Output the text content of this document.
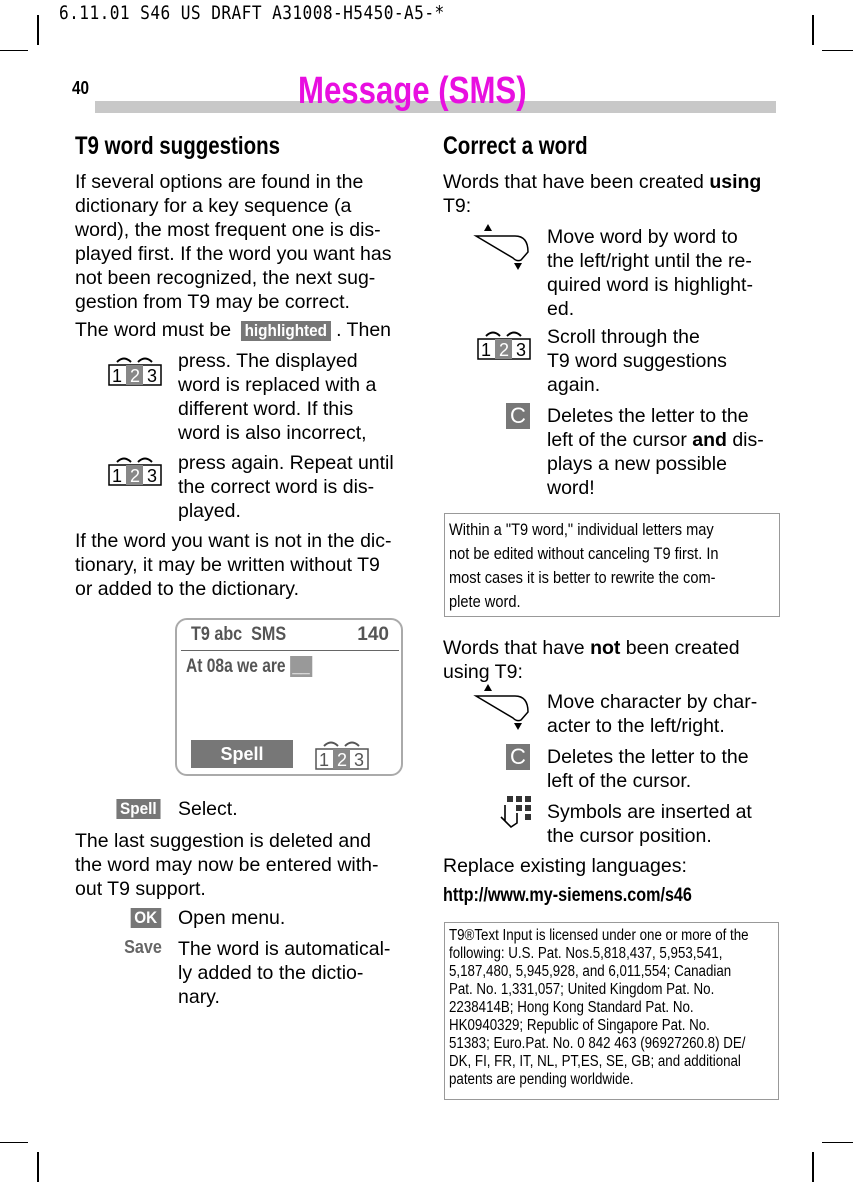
6.11.01 S46 US DRAFT A31008-H5450-A5-*
40	Message (SMS)
T9 word suggestions
If several options are found in the
dictionary for a key sequence (a
word), the most frequent one is dis-
played first. If the word you want has
not been recognized, the next sug-
gestion from T9 may be correct.
The word must be highlighted . Then
1 2 3
press. The displayed
word is replaced with a
different word. If this
word is also incorrect,
1 2 3
press again. Repeat until
the correct word is dis-
played.
If the word you want is not in the dic-
tionary, it may be written without T9
or added to the dictionary.
T9 abc  SMS	140
At 08a we are __
Spell	1 2 3
Spell Select.
The last suggestion is deleted and
the word may now be entered with-
out T9 support.
OK Open menu.
Save The word is automatical-
ly added to the dictio-
nary.
Correct a word
Words that have been created using
T9:
Move word by word to
the left/right until the re-
quired word is highlight-
ed.
1 2 3
Scroll through the
T9 word suggestions
again.
C Deletes the letter to the
left of the cursor and dis-
plays a new possible
word!
Within a "T9 word," individual letters may
not be edited without canceling T9 first. In
most cases it is better to rewrite the com-
plete word.
Words that have not been created
using T9:
Move character by char-
acter to the left/right.
C Deletes the letter to the
left of the cursor.
Symbols are inserted at
the cursor position.
Replace existing languages:
http://www.my-siemens.com/s46
T9®Text Input is licensed under one or more of the
following: U.S. Pat. Nos.5,818,437, 5,953,541,
5,187,480, 5,945,928, and 6,011,554; Canadian
Pat. No. 1,331,057; United Kingdom Pat. No.
2238414B; Hong Kong Standard Pat. No.
HK0940329; Republic of Singapore Pat. No.
51383; Euro.Pat. No. 0 842 463 (96927260.8) DE/
DK, FI, FR, IT, NL, PT,ES, SE, GB; and additional
patents are pending worldwide.
